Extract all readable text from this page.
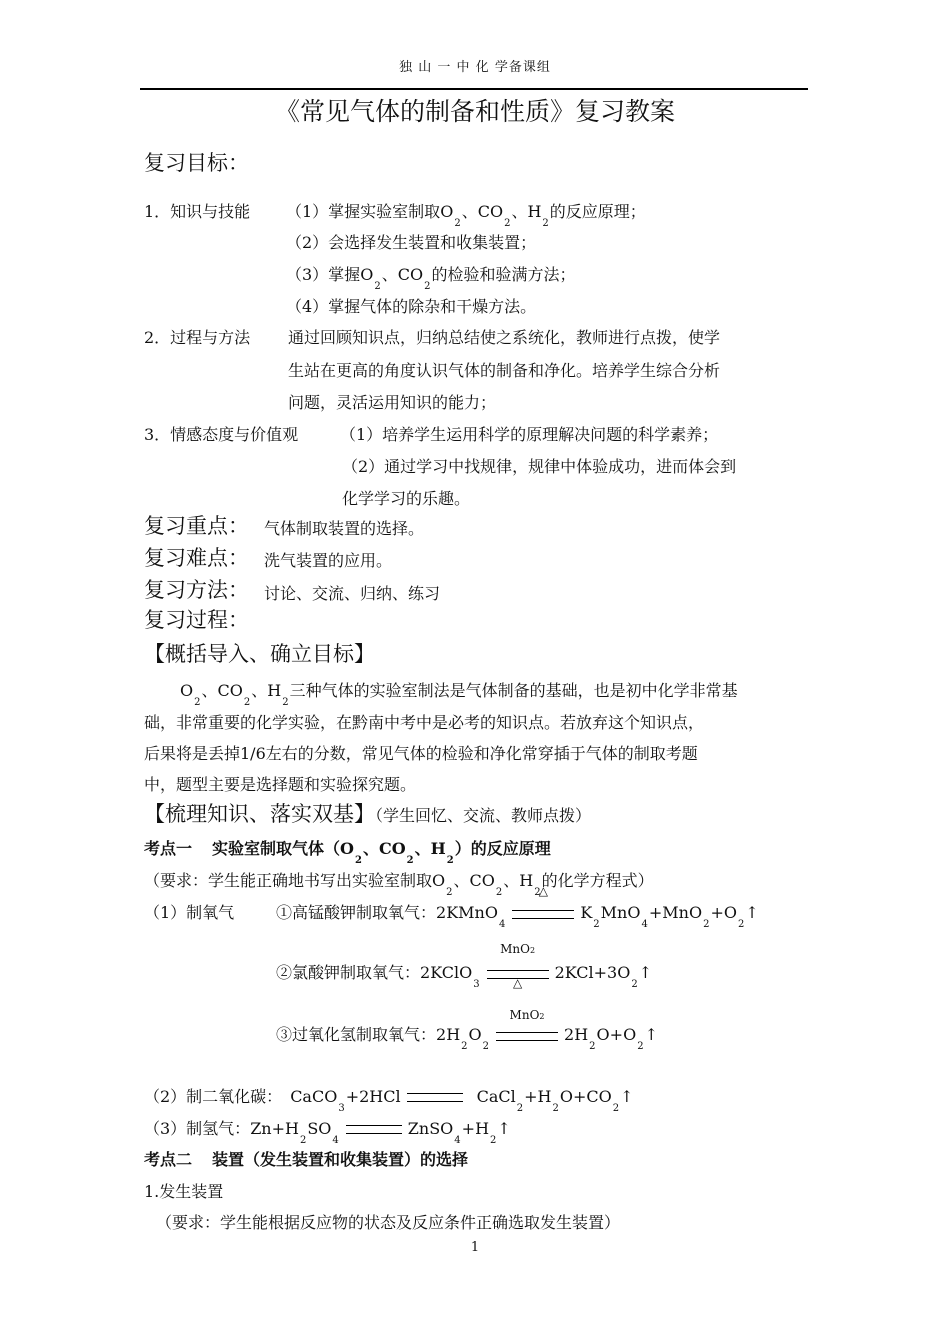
独 山 一 中 化 学备课组
《常见气体的制备和性质》复习教案
复习目标：
1．知识与技能 （1）掌握实验室制取$O_2$、$CO_2$、$H_2$的反应原理；
（2）会选择发生装置和收集装置；
（3）掌握$O_2$、$CO_2$的检验和验满方法；
（4）掌握气体的除杂和干燥方法。
2．过程与方法 通过回顾知识点，归纳总结使之系统化，教师进行点拨，使学
生站在更高的角度认识气体的制备和净化。培养学生综合分析
问题，灵活运用知识的能力；
3．情感态度与价值观	（1）培养学生运用科学的原理解决问题的科学素养；
（2）通过学习中找规律，规律中体验成功，进而体会到
化学学习的乐趣。
复习重点： 气体制取装置的选择。
复习难点： 洗气装置的应用。
复习方法： 讨论、交流、归纳、练习
复习过程：
【概括导入、确立目标】
$O_2$、$CO_2$、$H_2$三种气体的实验室制法是气体制备的基础，也是初中化学非常基
础，非常重要的化学实验，在黔南中考中是必考的知识点。若放弃这个知识点，
后果将是丢掉1/6左右的分数，常见气体的检验和净化常穿插于气体的制取考题
中，题型主要是选择题和实验探究题。
【梳理知识、落实双基】（学生回忆、交流、教师点拨）
考点一 实验室制取气体（$O_2$、$CO_2$、$H_2$）的反应原理
（要求：学生能正确地书写出实验室制取$O_2$、$CO_2$、$H_2$的化学方程式）
（1）制氧气	①高锰酸钾制取氧气：2KMnO$_4$
△
$K_2MnO_4+MnO_2+O_2↑$
②氯酸钾制取氧气：2KClO$_3$
MnO2
△
$2KCl+3O_2↑$
③过氧化氢制取氧气：$2H_2O_2$
MnO2
$2H_2O+O_2↑$
（2）制二氧化碳： CaCO$_3$+2HCl	$CaCl_2+H_2O+CO_2↑$
（3）制氢气：$Zn+H_2SO_4ZnSO_4+H_2↑$
考点二 装置（发生装置和收集装置）的选择
1.发生装置
（要求：学生能根据反应物的状态及反应条件正确选取发生装置）
1
